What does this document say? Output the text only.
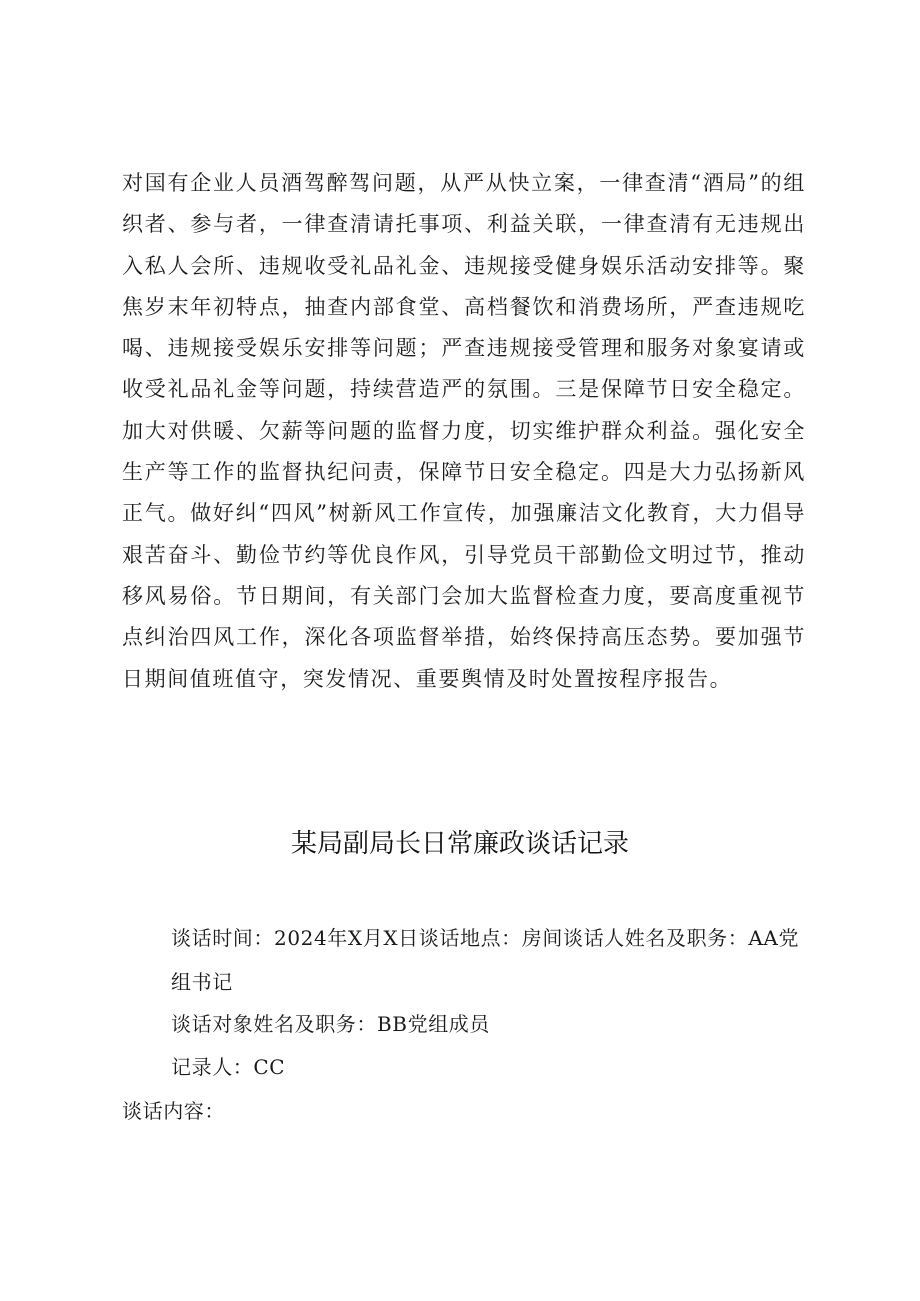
对国有企业人员酒驾醉驾问题，从严从快立案，一律查清“酒局”的组织者、参与者，一律查清请托事项、利益关联，一律查清有无违规出入私人会所、违规收受礼品礼金、违规接受健身娱乐活动安排等。聚焦岁末年初特点，抽查内部食堂、高档餐饮和消费场所，严查违规吃喝、违规接受娱乐安排等问题；严查违规接受管理和服务对象宴请或收受礼品礼金等问题，持续营造严的氛围。三是保障节日安全稳定。加大对供暖、欠薪等问题的监督力度，切实维护群众利益。强化安全生产等工作的监督执纪问责，保障节日安全稳定。四是大力弘扬新风正气。做好纠“四风”树新风工作宣传，加强廉洁文化教育，大力倡导艰苦奋斗、勤俭节约等优良作风，引导党员干部勤俭文明过节，推动移风易俗。节日期间，有关部门会加大监督检查力度，要高度重视节点纠治四风工作，深化各项监督举措，始终保持高压态势。要加强节日期间值班值守，突发情况、重要舆情及时处置按程序报告。

某局副局长日常廉政谈话记录

谈话时间：2024年X月X日谈话地点：房间谈话人姓名及职务：AA党组书记

谈话对象姓名及职务：BB党组成员

记录人：CC

谈话内容：
